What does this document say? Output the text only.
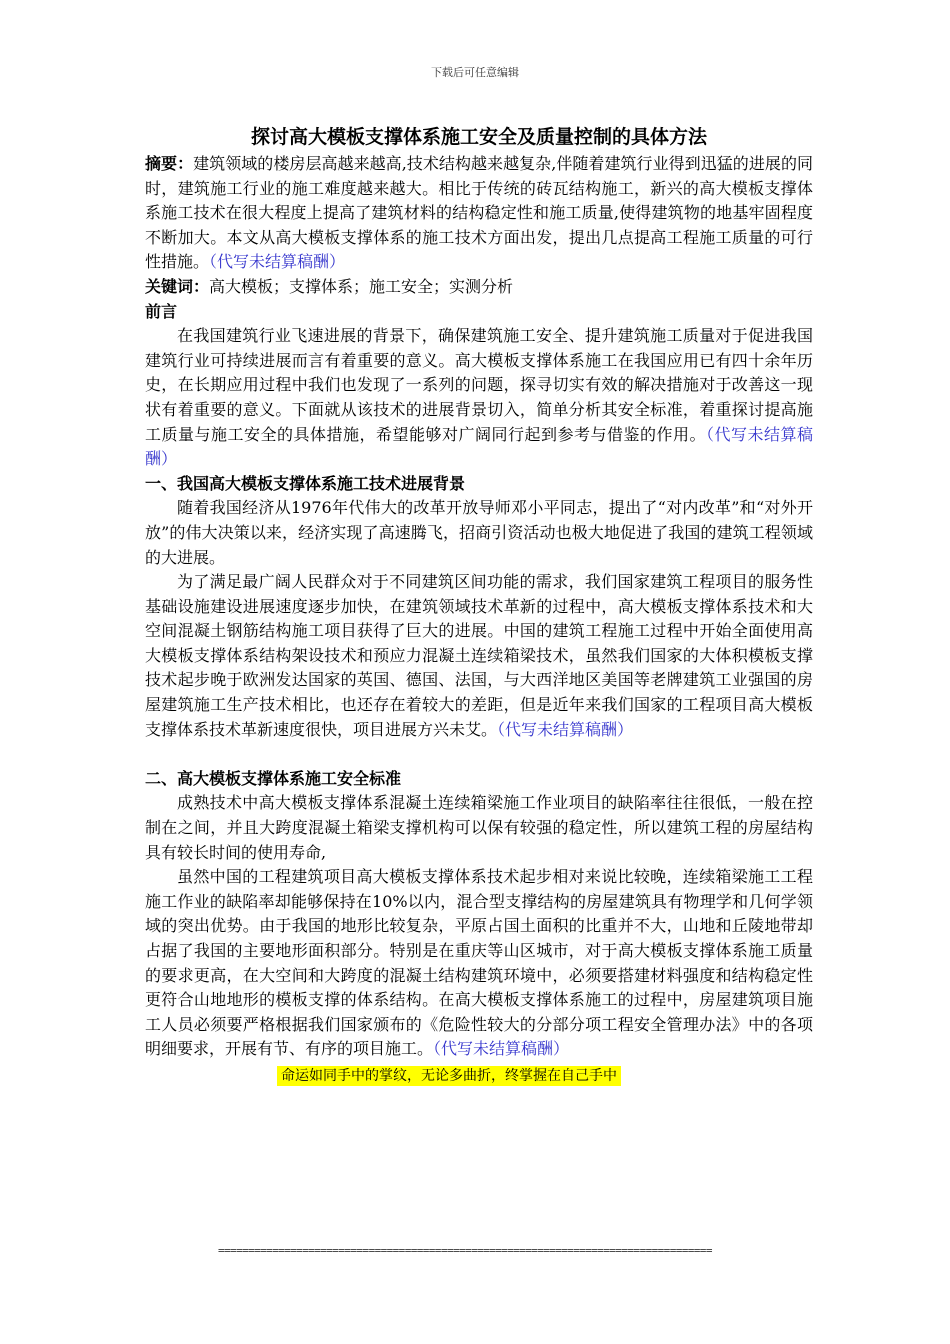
下载后可任意编辑
探讨高大模板支撑体系施工安全及质量控制的具体方法

摘要：建筑领域的楼房层高越来越高,技术结构越来越复杂,伴随着建筑行业得到迅猛的进展的同时，建筑施工行业的施工难度越来越大。相比于传统的砖瓦结构施工，新兴的高大模板支撑体系施工技术在很大程度上提高了建筑材料的结构稳定性和施工质量,使得建筑物的地基牢固程度不断加大。本文从高大模板支撑体系的施工技术方面出发，提出几点提高工程施工质量的可行性措施。（代写未结算稿酬）

关键词：高大模板；支撑体系；施工安全；实测分析

前言

在我国建筑行业飞速进展的背景下，确保建筑施工安全、提升建筑施工质量对于促进我国建筑行业可持续进展而言有着重要的意义。高大模板支撑体系施工在我国应用已有四十余年历史，在长期应用过程中我们也发现了一系列的问题，探寻切实有效的解决措施对于改善这一现状有着重要的意义。下面就从该技术的进展背景切入，简单分析其安全标准，着重探讨提高施工质量与施工安全的具体措施，希望能够对广阔同行起到参考与借鉴的作用。（代写未结算稿酬）

一、我国高大模板支撑体系施工技术进展背景

随着我国经济从1976年代伟大的改革开放导师邓小平同志，提出了“对内改革”和“对外开放”的伟大决策以来，经济实现了高速腾飞，招商引资活动也极大地促进了我国的建筑工程领域的大进展。

为了满足最广阔人民群众对于不同建筑区间功能的需求，我们国家建筑工程项目的服务性基础设施建设进展速度逐步加快，在建筑领域技术革新的过程中，高大模板支撑体系技术和大空间混凝土钢筋结构施工项目获得了巨大的进展。中国的建筑工程施工过程中开始全面使用高大模板支撑体系结构架设技术和预应力混凝土连续箱梁技术，虽然我们国家的大体积模板支撑技术起步晚于欧洲发达国家的英国、德国、法国，与大西洋地区美国等老牌建筑工业强国的房屋建筑施工生产技术相比，也还存在着较大的差距，但是近年来我们国家的工程项目高大模板支撑体系技术革新速度很快，项目进展方兴未艾。（代写未结算稿酬）

二、高大模板支撑体系施工安全标准

成熟技术中高大模板支撑体系混凝土连续箱梁施工作业项目的缺陷率往往很低，一般在控制在之间，并且大跨度混凝土箱梁支撑机构可以保有较强的稳定性，所以建筑工程的房屋结构具有较长时间的使用寿命,

虽然中国的工程建筑项目高大模板支撑体系技术起步相对来说比较晚，连续箱梁施工工程施工作业的缺陷率却能够保持在10%以内，混合型支撑结构的房屋建筑具有物理学和几何学领域的突出优势。由于我国的地形比较复杂，平原占国土面积的比重并不大，山地和丘陵地带却占据了我国的主要地形面积部分。特别是在重庆等山区城市，对于高大模板支撑体系施工质量的要求更高，在大空间和大跨度的混凝土结构建筑环境中，必须要搭建材料强度和结构稳定性更符合山地地形的模板支撑的体系结构。在高大模板支撑体系施工的过程中，房屋建筑项目施工人员必须要严格根据我们国家颁布的《危险性较大的分部分项工程安全管理办法》中的各项明细要求，开展有节、有序的项目施工。（代写未结算稿酬）

命运如同手中的掌纹，无论多曲折，终掌握在自己手中
==================================================================================
